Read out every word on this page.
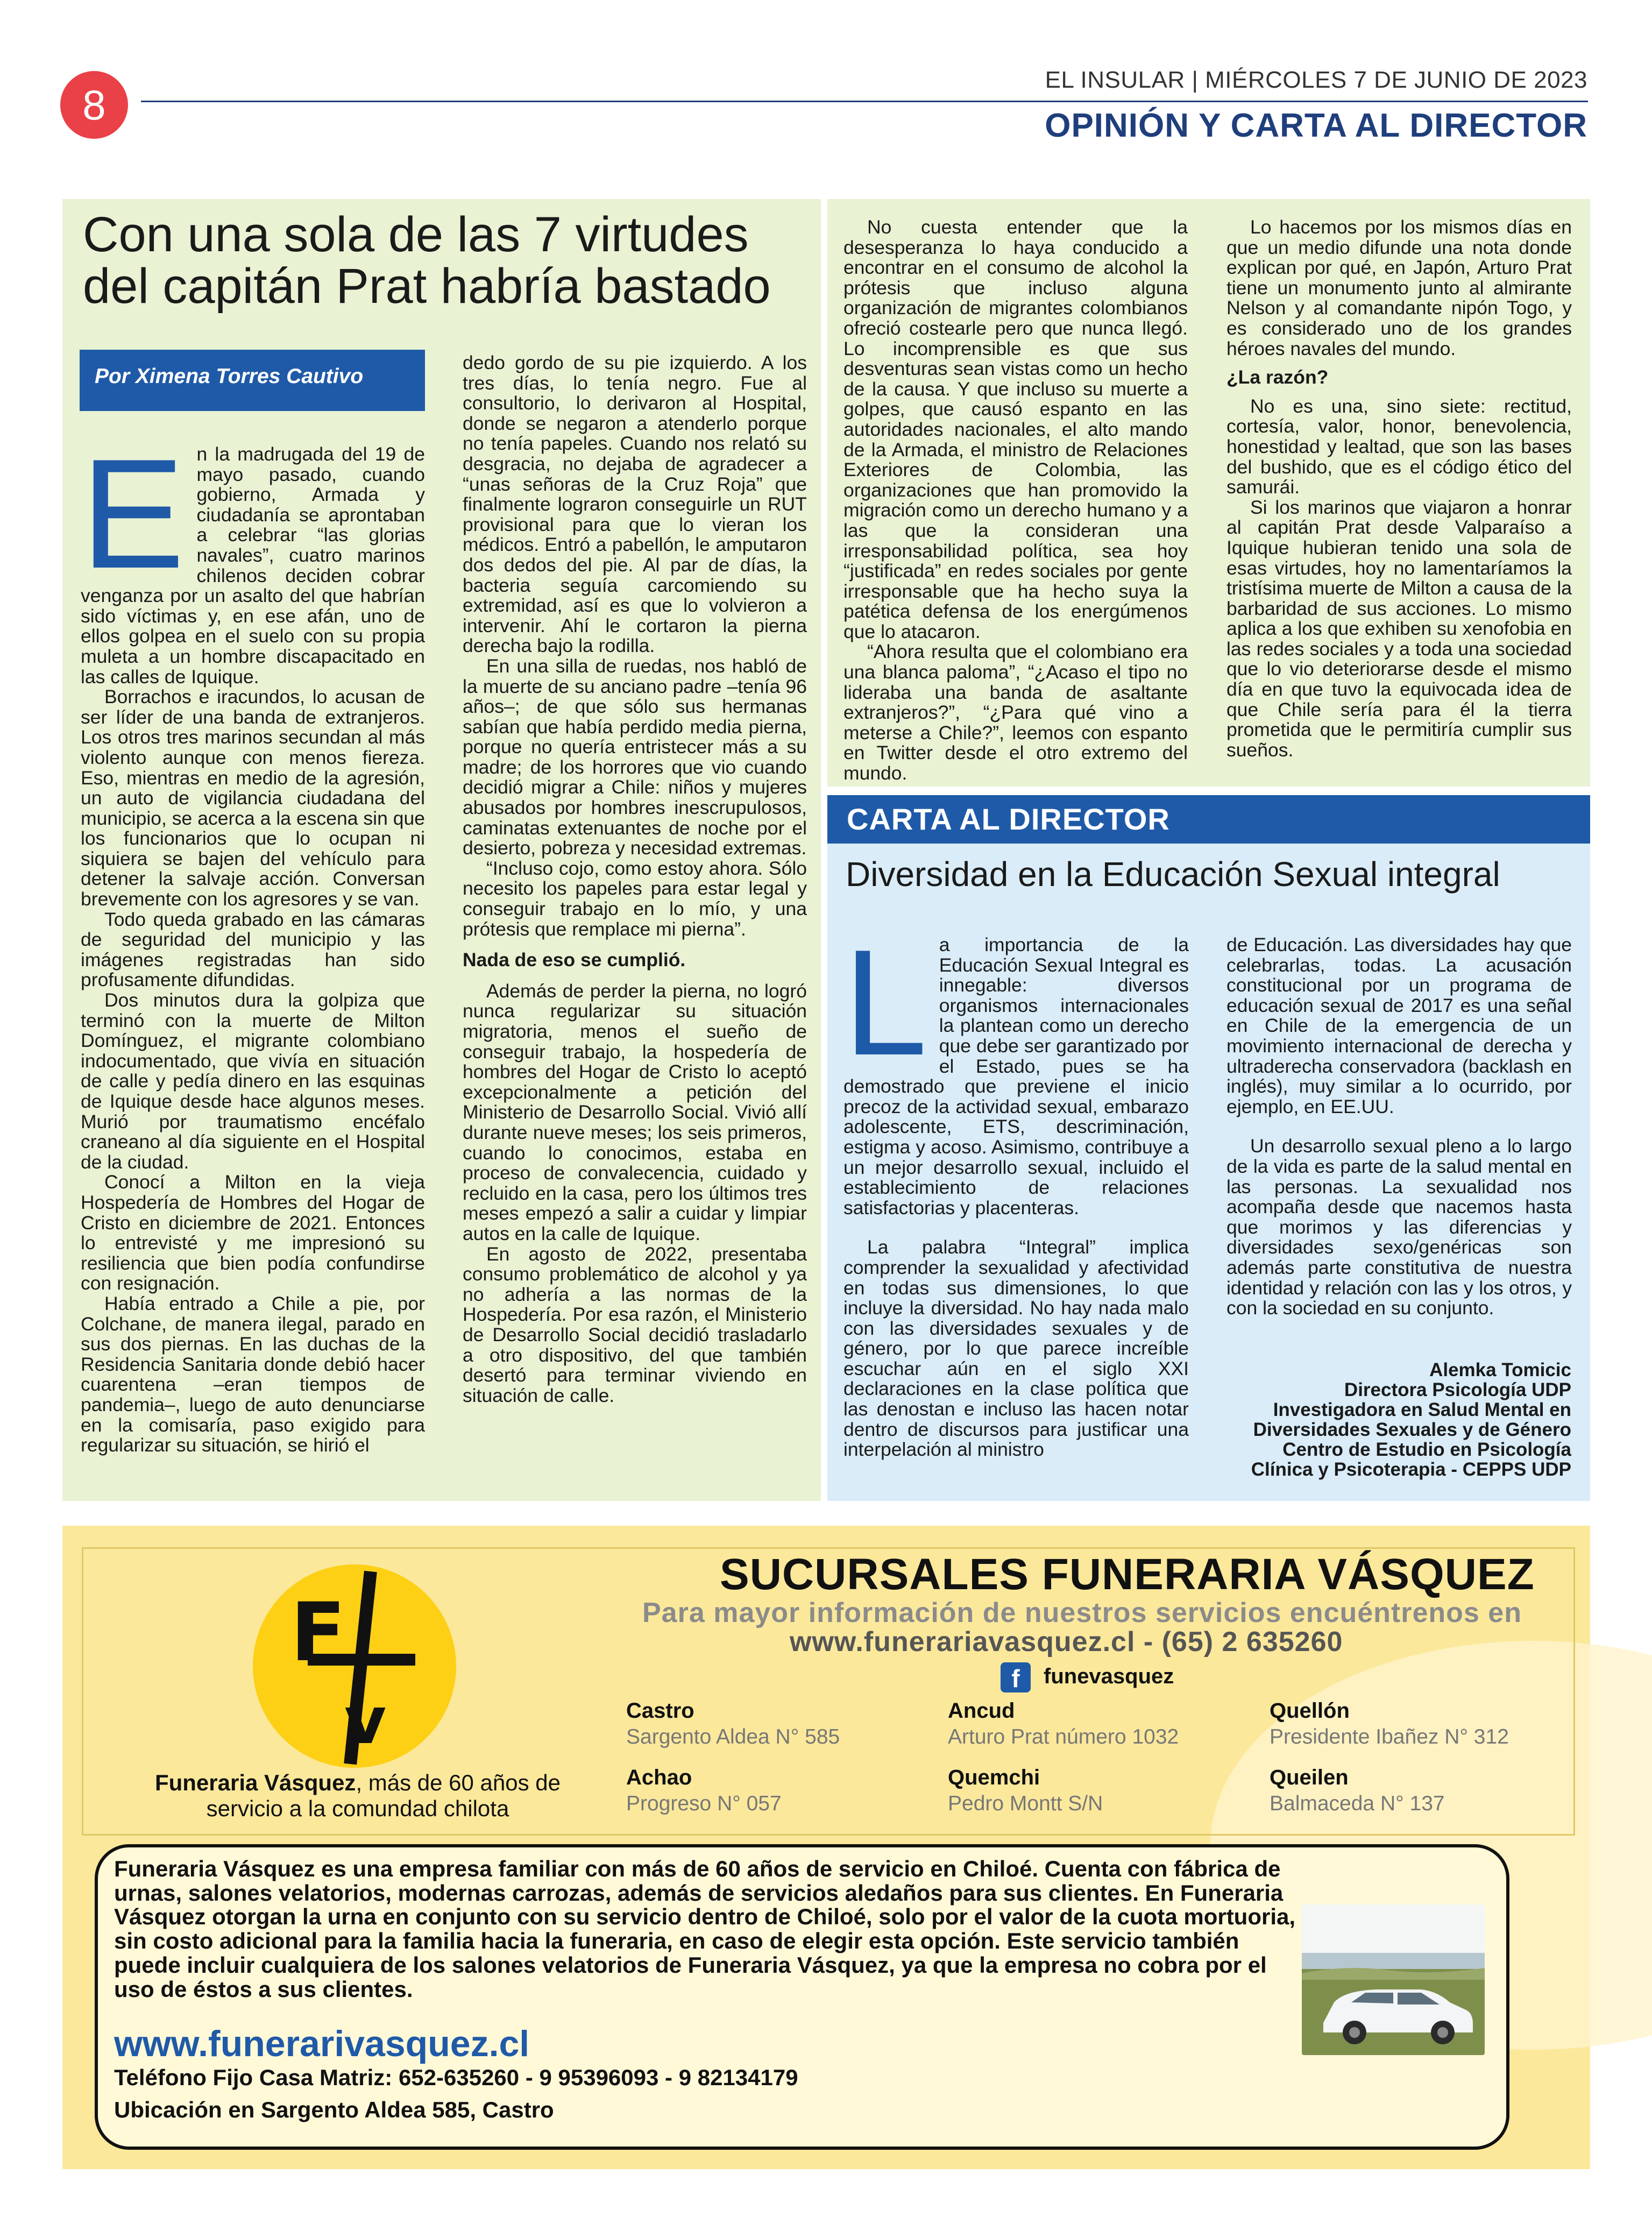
8
EL INSULAR | MIÉRCOLES 7 DE JUNIO DE 2023
OPINIÓN Y CARTA AL DIRECTOR
Con una sola de las 7 virtudes
del capitán Prat habría bastado
Por Ximena Torres Cautivo
E n la madrugada del 19 de mayo pasado, cuando gobierno, Armada y ciudadanía se aprontaban a celebrar “las glorias navales”, cuatro marinos chilenos deciden cobrar venganza por un asalto del que habrían sido víctimas y, en ese afán, uno de ellos golpea en el suelo con su propia muleta a un hombre discapacitado en las calles de Iquique.

Borrachos e iracundos, lo acusan de ser líder de una banda de extranjeros. Los otros tres marinos secundan al más violento aunque con menos fiereza. Eso, mientras en medio de la agresión, un auto de vigilancia ciudadana del municipio, se acerca a la escena sin que los funcionarios que lo ocupan ni siquiera se bajen del vehículo para detener la salvaje acción. Conversan brevemente con los agresores y se van.

Todo queda grabado en las cámaras de seguridad del municipio y las imágenes registradas han sido profusamente difundidas.

Dos minutos dura la golpiza que terminó con la muerte de Milton Domínguez, el migrante colombiano indocumentado, que vivía en situación de calle y pedía dinero en las esquinas de Iquique desde hace algunos meses. Murió por traumatismo encéfalo craneano al día siguiente en el Hospital de la ciudad.

Conocí a Milton en la vieja Hospedería de Hombres del Hogar de Cristo en diciembre de 2021. Entonces lo entrevisté y me impresionó su resiliencia que bien podía confundirse con resignación.

Había entrado a Chile a pie, por Colchane, de manera ilegal, parado en sus dos piernas. En las duchas de la Residencia Sanitaria donde debió hacer cuarentena –eran tiempos de pandemia–, luego de auto denunciarse en la comisaría, paso exigido para regularizar su situación, se hirió el

dedo gordo de su pie izquierdo. A los tres días, lo tenía negro. Fue al consultorio, lo derivaron al Hospital, donde se negaron a atenderlo porque no tenía papeles. Cuando nos relató su desgracia, no dejaba de agradecer a “unas señoras de la Cruz Roja” que finalmente lograron conseguirle un RUT provisional para que lo vieran los médicos. Entró a pabellón, le amputaron dos dedos del pie. Al par de días, la bacteria seguía carcomiendo su extremidad, así es que lo volvieron a intervenir. Ahí le cortaron la pierna derecha bajo la rodilla.

En una silla de ruedas, nos habló de la muerte de su anciano padre –tenía 96 años–; de que sólo sus hermanas sabían que había perdido media pierna, porque no quería entristecer más a su madre; de los horrores que vio cuando decidió migrar a Chile: niños y mujeres abusados por hombres inescrupulosos, caminatas extenuantes de noche por el desierto, pobreza y necesidad extremas.

“Incluso cojo, como estoy ahora. Sólo necesito los papeles para estar legal y conseguir trabajo en lo mío, y una prótesis que remplace mi pierna”.

Nada de eso se cumplió.

Además de perder la pierna, no logró nunca regularizar su situación migratoria, menos el sueño de conseguir trabajo, la hospedería de hombres del Hogar de Cristo lo aceptó excepcionalmente a petición del Ministerio de Desarrollo Social. Vivió allí durante nueve meses; los seis primeros, cuando lo conocimos, estaba en proceso de convalecencia, cuidado y recluido en la casa, pero los últimos tres meses empezó a salir a cuidar y limpiar autos en la calle de Iquique.

En agosto de 2022, presentaba consumo problemático de alcohol y ya no adhería a las normas de la Hospedería. Por esa razón, el Ministerio de Desarrollo Social decidió trasladarlo a otro dispositivo, del que también desertó para terminar viviendo en situación de calle.

No cuesta entender que la desesperanza lo haya conducido a encontrar en el consumo de alcohol la prótesis que incluso alguna organización de migrantes colombianos ofreció costearle pero que nunca llegó. Lo incomprensible es que sus desventuras sean vistas como un hecho de la causa. Y que incluso su muerte a golpes, que causó espanto en las autoridades nacionales, el alto mando de la Armada, el ministro de Relaciones Exteriores de Colombia, las organizaciones que han promovido la migración como un derecho humano y a las que la consideran una irresponsabilidad política, sea hoy “justificada” en redes sociales por gente irresponsable que ha hecho suya la patética defensa de los energúmenos que lo atacaron.

“Ahora resulta que el colombiano era una blanca paloma”, “¿Acaso el tipo no lideraba una banda de asaltante extranjeros?”, “¿Para qué vino a meterse a Chile?”, leemos con espanto en Twitter desde el otro extremo del mundo.

Lo hacemos por los mismos días en que un medio difunde una nota donde explican por qué, en Japón, Arturo Prat tiene un monumento junto al almirante Nelson y al comandante nipón Togo, y es considerado uno de los grandes héroes navales del mundo.

¿La razón?

No es una, sino siete: rectitud, cortesía, valor, honor, benevolencia, honestidad y lealtad, que son las bases del bushido, que es el código ético del samurái.

Si los marinos que viajaron a honrar al capitán Prat desde Valparaíso a Iquique hubieran tenido una sola de esas virtudes, hoy no lamentaríamos la tristísima muerte de Milton a causa de la barbaridad de sus acciones. Lo mismo aplica a los que exhiben su xenofobia en las redes sociales y a toda una sociedad que lo vio deteriorarse desde el mismo día en que tuvo la equivocada idea de que Chile sería para él la tierra prometida que le permitiría cumplir sus sueños.

CARTA AL DIRECTOR
Diversidad en la Educación Sexual integral
L a importancia de la Educación Sexual Integral es innegable: diversos organismos internacionales la plantean como un derecho que debe ser garantizado por el Estado, pues se ha demostrado que previene el inicio precoz de la actividad sexual, embarazo adolescente, ETS, descriminación, estigma y acoso. Asimismo, contribuye a un mejor desarrollo sexual, incluido el establecimiento de relaciones satisfactorias y placenteras.

La palabra “Integral” implica comprender la sexualidad y afectividad en todas sus dimensiones, lo que incluye la diversidad. No hay nada malo con las diversidades sexuales y de género, por lo que parece increíble escuchar aún en el siglo XXI declaraciones en la clase política que las denostan e incluso las hacen notar dentro de discursos para justificar una interpelación al ministro

de Educación. Las diversidades hay que celebrarlas, todas. La acusación constitucional por un programa de educación sexual de 2017 es una señal en Chile de la emergencia de un movimiento internacional de derecha y ultraderecha conservadora (backlash en inglés), muy similar a lo ocurrido, por ejemplo, en EE.UU.

Un desarrollo sexual pleno a lo largo de la vida es parte de la salud mental en las personas. La sexualidad nos acompaña desde que nacemos hasta que morimos y las diferencias y diversidades sexo/genéricas son además parte constitutiva de nuestra identidad y relación con las y los otros, y con la sociedad en su conjunto.

Alemka Tomicic
Directora Psicología UDP
Investigadora en Salud Mental en
Diversidades Sexuales y de Género
Centro de Estudio en Psicología
Clínica y Psicoterapia - CEPPS UDP
F
v
Funeraria Vásquez, más de 60 años de servicio a la comundad chilota
SUCURSALES FUNERARIA VÁSQUEZ
Para mayor información de nuestros servicios encuéntrenos en
www.funerariavasquez.cl - (65) 2 635260
f	funevasquez
Castro
Sargento Aldea N° 585
Ancud
Arturo Prat número 1032
Quellón
Presidente Ibañez N° 312
Achao
Progreso N° 057
Quemchi
Pedro Montt S/N
Queilen
Balmaceda N° 137
Funeraria Vásquez es una empresa familiar con más de 60 años de servicio en Chiloé. Cuenta con fábrica de urnas, salones velatorios, modernas carrozas, además de servicios aledaños para sus clientes. En Funeraria Vásquez otorgan la urna en conjunto con su servicio dentro de Chiloé, solo por el valor de la cuota mortuoria, sin costo adicional para la familia hacia la funeraria, en caso de elegir esta opción. Este servicio también puede incluir cualquiera de los salones velatorios de Funeraria Vásquez, ya que la empresa no cobra por el uso de éstos a sus clientes.
www.funerarivasquez.cl
Teléfono Fijo Casa Matriz: 652-635260 - 9 95396093 - 9 82134179
Ubicación en Sargento Aldea 585, Castro
